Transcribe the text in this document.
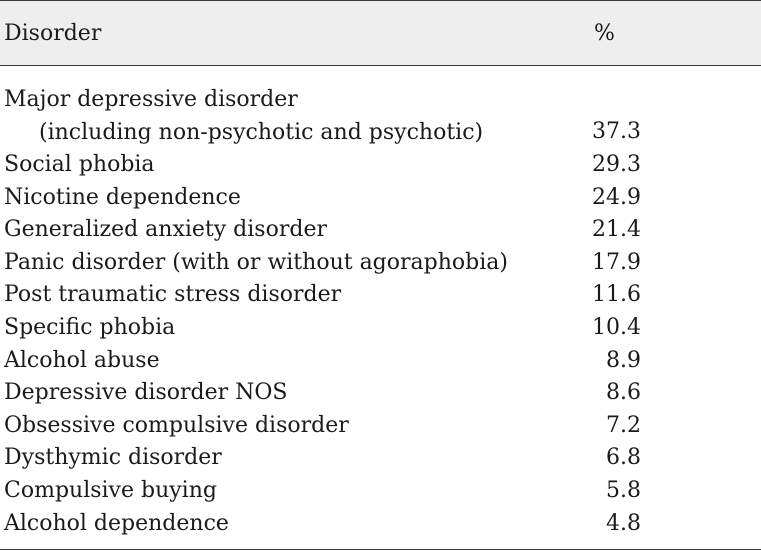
Disorder	%
Major depressive disorder
(including non-psychotic and psychotic)	37.3
Social phobia	29.3
Nicotine dependence	24.9
Generalized anxiety disorder	21.4
Panic disorder (with or without agoraphobia)	17.9
Post traumatic stress disorder	11.6
Specific phobia	10.4
Alcohol abuse	8.9
Depressive disorder NOS	8.6
Obsessive compulsive disorder	7.2
Dysthymic disorder	6.8
Compulsive buying	5.8
Alcohol dependence	4.8
